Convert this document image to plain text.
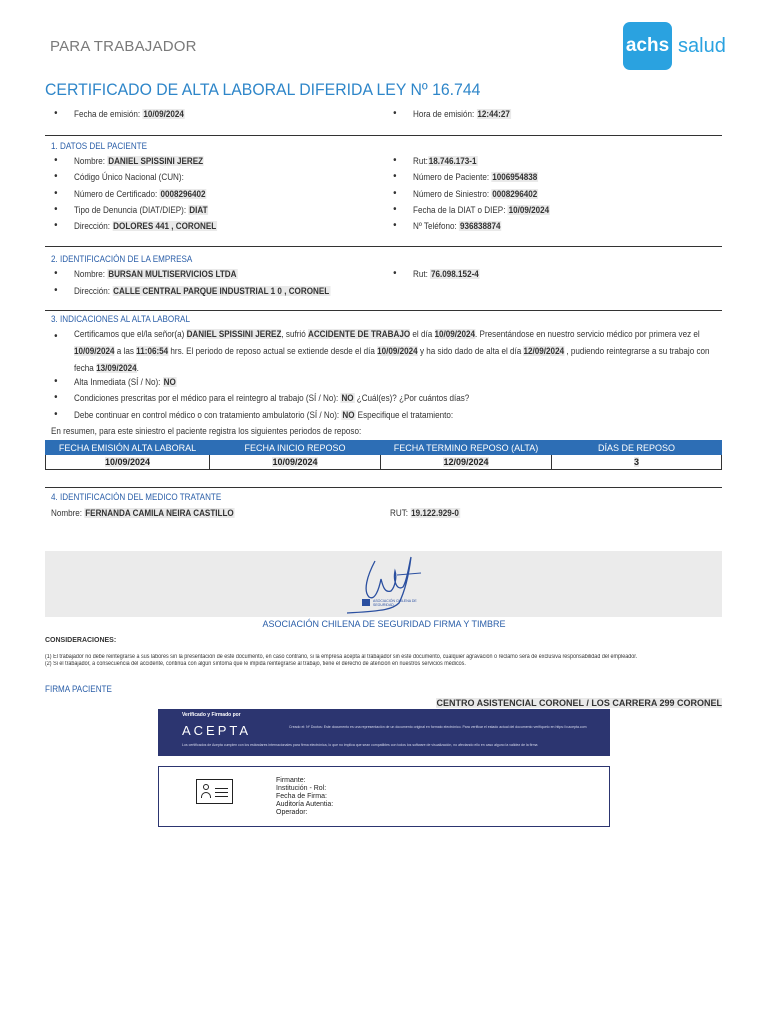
PARA TRABAJADOR	achs salud
CERTIFICADO DE ALTA LABORAL DIFERIDA LEY Nº 16.744
• Fecha de emisión: 10/09/2024	• Hora de emisión: 12:44:27
1. DATOS DEL PACIENTE
• Nombre: DANIEL SPISSINI JEREZ	• Rut:18.746.173-1
• Código Único Nacional (CUN):	• Número de Paciente: 1006954838
• Número de Certificado: 0008296402	• Número de Siniestro: 0008296402
• Tipo de Denuncia (DIAT/DIEP): DIAT	• Fecha de la DIAT o DIEP: 10/09/2024
• Dirección: DOLORES 441 , CORONEL	• Nº Teléfono: 936838874
2. IDENTIFICACIÓN DE LA EMPRESA
• Nombre: BURSAN MULTISERVICIOS LTDA	• Rut: 76.098.152-4
• Dirección: CALLE CENTRAL PARQUE INDUSTRIAL 1 0 , CORONEL
3. INDICACIONES AL ALTA LABORAL
• Certificamos que el/la señor(a) DANIEL SPISSINI JEREZ, sufrió ACCIDENTE DE TRABAJO el día 10/09/2024. Presentándose en nuestro servicio médico por primera vez el 10/09/2024 a las 11:06:54 hrs. El periodo de reposo actual se extiende desde el día 10/09/2024 y ha sido dado de alta el día 12/09/2024 , pudiendo reintegrarse a su trabajo con fecha 13/09/2024.
• Alta Inmediata (SÍ / No): NO
• Condiciones prescritas por el médico para el reintegro al trabajo (SÍ / No): NO ¿Cuál(es)? ¿Por cuántos días?
• Debe continuar en control médico o con tratamiento ambulatorio (SÍ / No): NO Especifique el tratamiento:
En resumen, para este siniestro el paciente registra los siguientes periodos de reposo:
FECHA EMISIÓN ALTA LABORAL	FECHA INICIO REPOSO	FECHA TERMINO REPOSO (ALTA)	DÍAS DE REPOSO
10/09/2024	10/09/2024	12/09/2024	3
4. IDENTIFICACIÓN DEL MEDICO TRATANTE
Nombre: FERNANDA CAMILA NEIRA CASTILLO	RUT: 19.122.929-0
ASOCIACIÓN CHILENA DE SEGURIDAD
ASOCIACIÓN CHILENA DE SEGURIDAD FIRMA Y TIMBRE
CONSIDERACIONES:
(1) El trabajador no debe reintegrarse a sus labores sin la presentación de este documento, en caso contrario, si la empresa acepta al trabajador sin este documento, cualquier agravación o reclamo será de exclusiva responsabilidad del empleador.
(2) Si el trabajador, a consecuencia del accidente, continúa con algún síntoma que le impida reintegrarse al trabajo, tiene el derecho de atención en nuestros servicios médicos.
FIRMA PACIENTE
CENTRO ASISTENCIAL CORONEL / LOS CARRERA 299 CORONEL
Verificado y Firmado por
ACEPTA	Creado el: Nº Doctos: Este documento es una representación de un documento original en formato electrónico. Para verificar el estado actual del documento verifíquelo en https://v.acepta.com
Los certificados de Acepta cumplen con los estándares internacionales para firma electrónica, lo que no implica que sean compatibles con todos los software de visualización, no afectando ello en caso alguno la validez de la firma
Firmante:
Institución - Rol:
Fecha de Firma:
Auditoría Autentia:
Operador:
